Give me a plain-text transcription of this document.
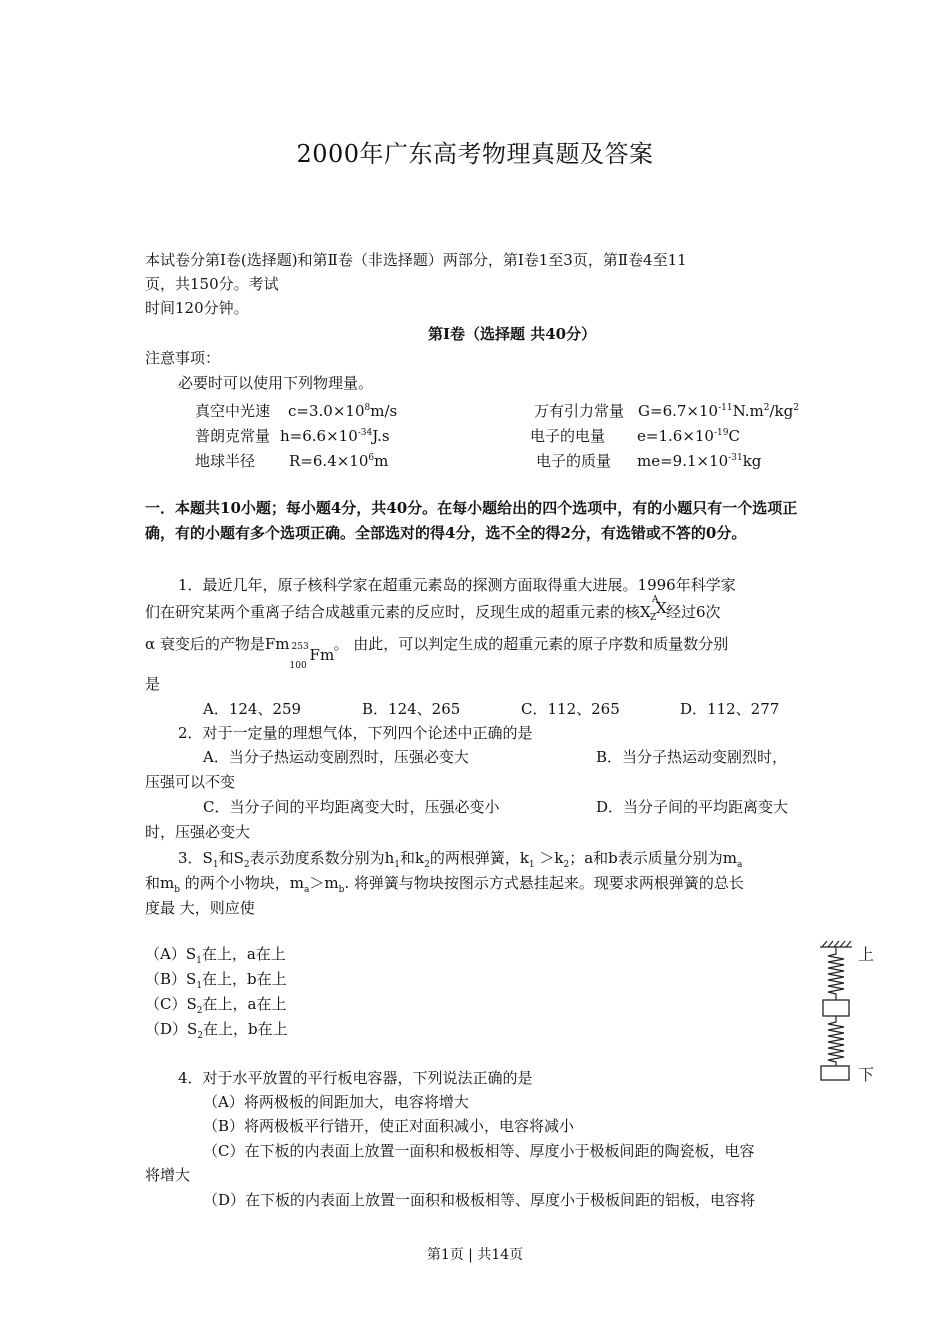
2000年广东高考物理真题及答案
本试卷分第Ⅰ卷(选择题)和第Ⅱ卷（非选择题）两部分，第Ⅰ卷1至3页，第Ⅱ卷4至11
页，共150分。考试
时间120分钟。
第Ⅰ卷（选择题 共40分）
注意事项：
必要时可以使用下列物理量。
真空中光速 $c=3.0\times 10^8m/s$	万有引力常量 $G=6.7\times 10^{-11}N.m^2/kg^2$
普朗克常量 $h=6.6\times 10^{-34}J.s$	电子的电量 $e=1.6\times 10^{-19}C$
地球半径 $R=6.4\times 10^6m$	电子的质量 $me=9.1\times 10^{-31}kg$
一．本题共10小题；每小题4分，共40分。在每小题给出的四个选项中，有的小题只有一个选项正确，有的小题有多个选项正确。全部选对的得4分，选不全的得2分，有选错或不答的0分。
1．最近几年，原子核科学家在超重元素岛的探测方面取得重大进展。1996年科学家
们在研究某两个重离子结合成越重元素的反应时，反现生成的超重元素的核X Z
A
X 经过6次
α 衰变后的产物是Fm
100
253 Fm
。 由此，可以判定生成的超重元素的原子序数和质量数分别
是
A．124、259	B．124、265	C．112、265	D．112、277
2．对于一定量的理想气体，下列四个论述中正确的是
A．当分子热运动变剧烈时，压强必变大	B．当分子热运动变剧烈时，
压强可以不变
C．当分子间的平均距离变大时，压强必变小	D．当分子间的平均距离变大
时，压强必变大
3．$S_1$和$S_2$表示劲度系数分别为$h_1$和$k_2$的两根弹簧，$k_1 >k_2$；a和b表示质量分别为$m_a$
和$m_b$ 的两个小物块，$m_a>m_b$. 将弹簧与物块按图示方式悬挂起来。现要求两根弹簧的总长
度最 大，则应使
$(A)S_1$在上，a在上
$(B)S_1$在上，b在上
$(C)S_2$在上，a在上
$(D)S_2$在上，b在上
上
下
4．对于水平放置的平行板电容器，下列说法正确的是
（A）将两极板的间距加大，电容将增大
（B）将两极板平行错开，使正对面积减小，电容将减小
（C）在下板的内表面上放置一面积和极板相等、厚度小于极板间距的陶瓷板，电容
将增大
（D）在下板的内表面上放置一面积和极板相等、厚度小于极板间距的铝板，电容将
第1页 | 共14页
